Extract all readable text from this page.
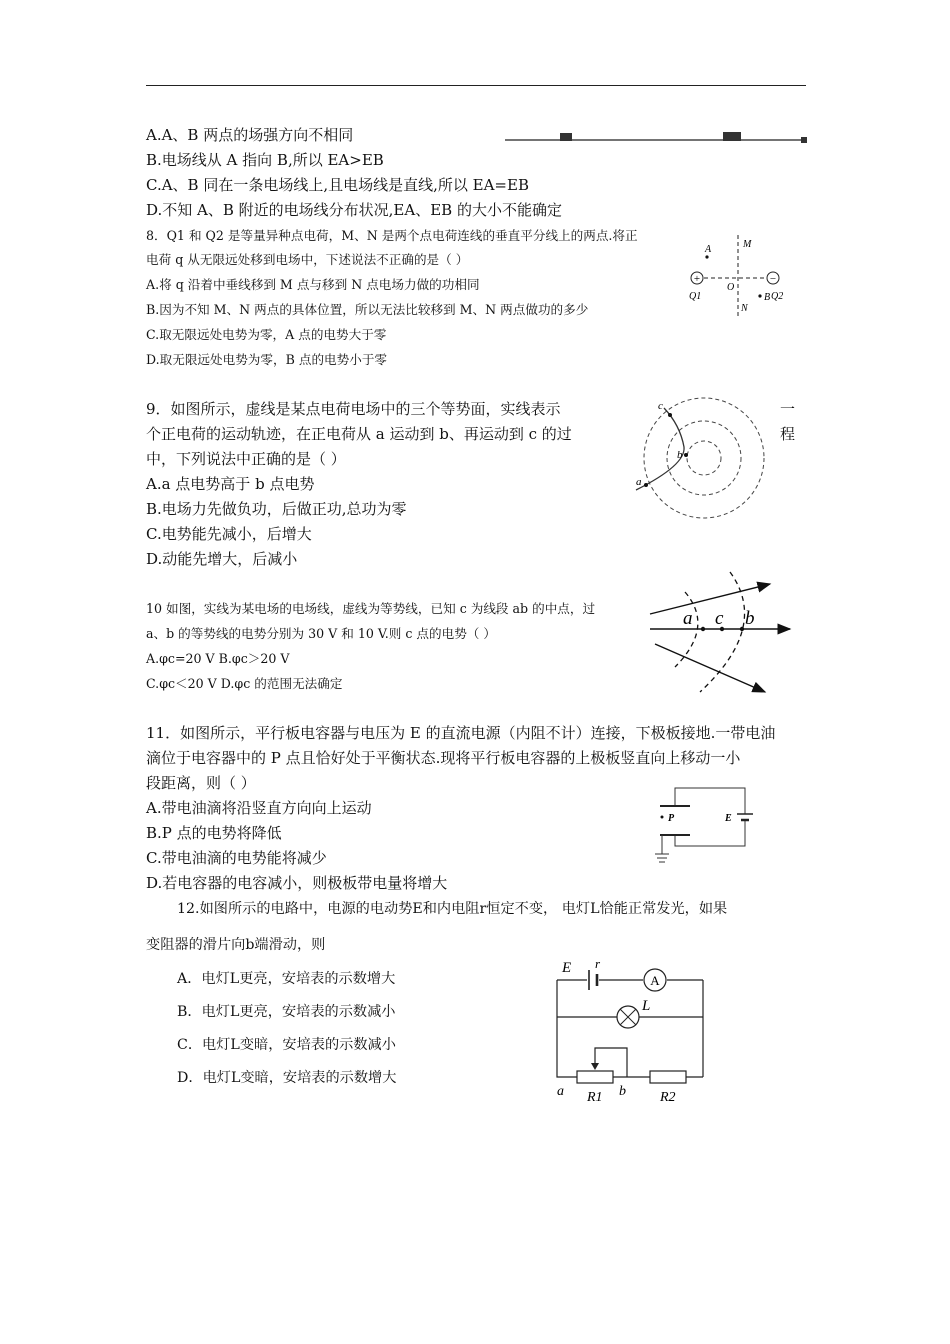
A.A、B 两点的场强方向不相同
B.电场线从 A 指向 B,所以 EA>EB
C.A、B 同在一条电场线上,且电场线是直线,所以 EA=EB
D.不知 A、B 附近的电场线分布状况,EA、EB 的大小不能确定
8．Q1 和 Q2 是等量异种点电荷，M、N 是两个点电荷连线的垂直平分线上的两点.将正
电荷 q 从无限远处移到电场中，下述说法不正确的是（ ）
A.将 q 沿着中垂线移到 M 点与移到 N 点电场力做的功相同
B.因为不知 M、N 两点的具体位置，所以无法比较移到 M、N 两点做功的多少
C.取无限远处电势为零，A 点的电势大于零
D.取无限远处电势为零，B 点的电势小于零
+	−
A	M
O
N
B
Q1	Q2
9．如图所示，虚线是某点电荷电场中的三个等势面，实线表示
个正电荷的运动轨迹，在正电荷从 a 运动到 b、再运动到 c 的过
中，下列说法中正确的是（ ）
一
程
A.a 点电势高于 b 点电势
B.电场力先做负功，后做正功,总功为零
C.电势能先减小，后增大
D.动能先增大，后减小
c
b
a
10 如图，实线为某电场的电场线，虚线为等势线，已知 c 为线段 ab 的中点，过
a、b 的等势线的电势分别为 30 V 和 10 V.则 c 点的电势（ ）
A.φc=20 V B.φc＞20 V
C.φc＜20 V D.φc 的范围无法确定
a c b
11．如图所示，平行板电容器与电压为 E 的直流电源（内阻不计）连接，下极板接地.一带电油
滴位于电容器中的 P 点且恰好处于平衡状态.现将平行板电容器的上极板竖直向上移动一小
段距离，则（ ）
A.带电油滴将沿竖直方向向上运动
B.P 点的电势将降低
C.带电油滴的电势能将减少
D.若电容器的电容减小，则极板带电量将增大
P	E
12.如图所示的电路中，电源的电动势E和内电阻r恒定不变， 电灯L恰能正常发光，如果
变阻器的滑片向b端滑动，则
A．电灯L更亮，安培表的示数增大
B．电灯L更亮，安培表的示数减小
C．电灯L变暗，安培表的示数减小
D．电灯L变暗，安培表的示数增大
E r
A
L
a R1 b R2
